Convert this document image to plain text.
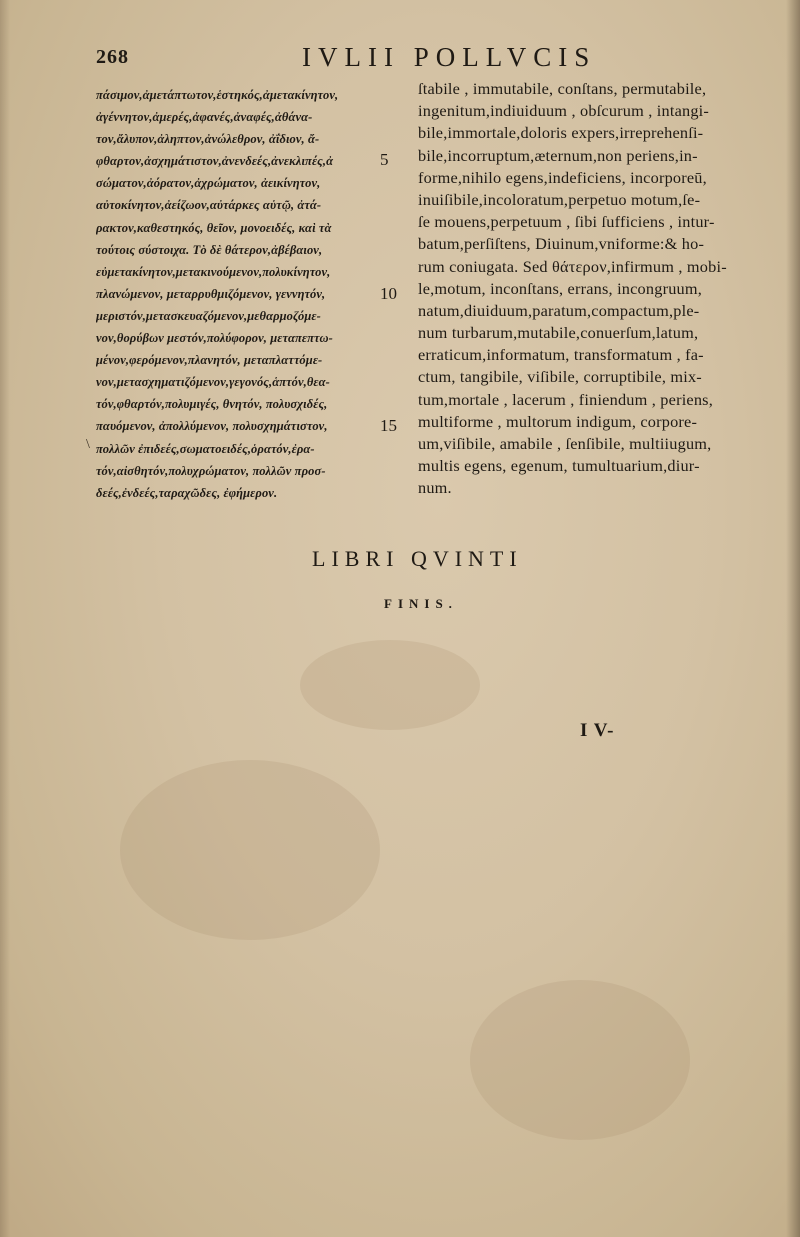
268	IVLII POLLVCIS
πάσιμον,ἀμετάπτωτον,ἑστηκός,ἀμετακίνητον,
ἀγέννητον,ἀμερές,ἀφανές,ἀναφές,ἀθάνα-
τον,ἄλυπον,ἀληπτον,ἀνώλεθρον, ἀΐδιον, ἄ-
φθαρτον,ἀσχημάτιστον,ἀνενδεές,ἀνεκλιπές,ἀ
σώματον,ἀόρατον,ἀχρώματον, ἀεικίνητον,
αὐτοκίνητον,ἀείζωον,αὐτάρκες αὑτῷ, ἀτά-
ρακτον,καθεστηκός, θεῖον, μονοειδές, καὶ τὰ
τούτοις σύστοιχα. Τὸ δὲ θάτερον,ἀβέβαιον,
εὐμετακίνητον,μετακινούμενον,πολυκίνητον,
πλανώμενον, μεταρρυθμιζόμενον, γεννητόν,
μεριστόν,μετασκευαζόμενον,μεθαρμοζόμε-
νον,θορύβων μεστόν,πολύφορον, μεταπεπτω-
μένον,φερόμενον,πλανητόν, μεταπλαττόμε-
νον,μετασχηματιζόμενον,γεγονός,ἁπτόν,θεα-
τόν,φθαρτόν,πολυμιγές, θνητόν, πολυσχιδές,
παυόμενον, ἀπολλύμενον, πολυσχημάτιστον,
πολλῶν ἐπιδεές,σωματοειδές,ὁρατόν,ἐρα-
τόν,αἰσθητόν,πολυχρώματον, πολλῶν προσ-
δεές,ἐνδεές,ταραχῶδες, ἐφήμερον.
ſtabile , immutabile, conſtans, permutabile,
ingenitum,indiuiduum , obſcurum , intangi-
bile,immortale,doloris expers,irreprehenſi-
bile,incorruptum,æternum,non periens,in-
forme,nihilo egens,indeficiens, incorporeū,
inuiſibile,incoloratum,perpetuo motum,ſe-
ſe mouens,perpetuum , ſibi ſufficiens , intur-
batum,perſiſtens, Diuinum,vniforme:& ho-
rum coniugata. Sed θάτερον,infirmum , mobi-
le,motum, inconſtans, errans, incongruum,
natum,diuiduum,paratum,compactum,ple-
num turbarum,mutabile,conuerſum,latum,
erraticum,informatum, transformatum , fa-
ctum, tangibile, viſibile, corruptibile, mix-
tum,mortale , lacerum , finiendum , periens,
multiforme , multorum indigum, corpore-
um,viſibile, amabile , ſenſibile, multiiugum,
multis egens, egenum, tumultuarium,diur-
num.
5
10
15
\
LIBRI QVINTI
FINIS.
I V-
